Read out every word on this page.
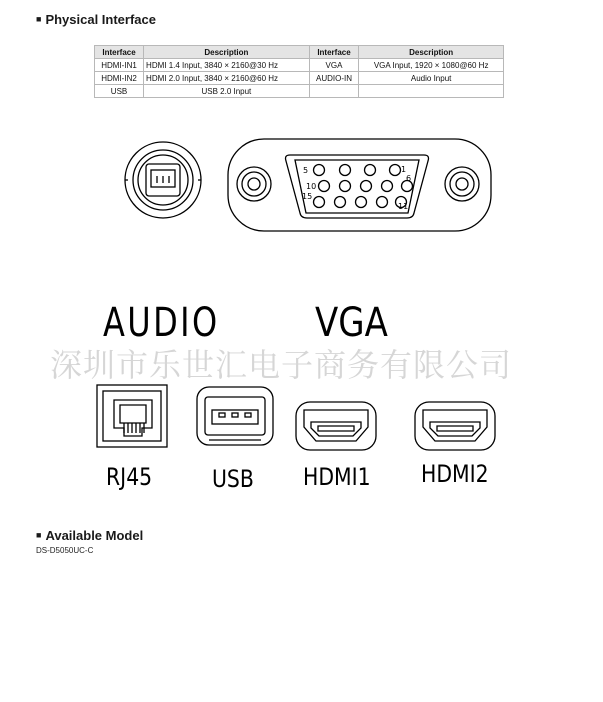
■ Physical Interface
Interface	Description	Interface	Description
HDMI-IN1	HDMI 1.4 Input, 3840 × 2160@30 Hz	VGA	VGA Input, 1920 × 1080@60 Hz
HDMI-IN2	HDMI 2.0 Input, 3840 × 2160@60 Hz	AUDIO-IN	Audio Input
USB	USB 2.0 Input		
5	1
6
10
15
11
AUDIO VGA
深圳市乐世汇电子商务有限公司
RJ45 USB HDMI1 HDMI2
■ Available Model
DS-D5050UC-C
